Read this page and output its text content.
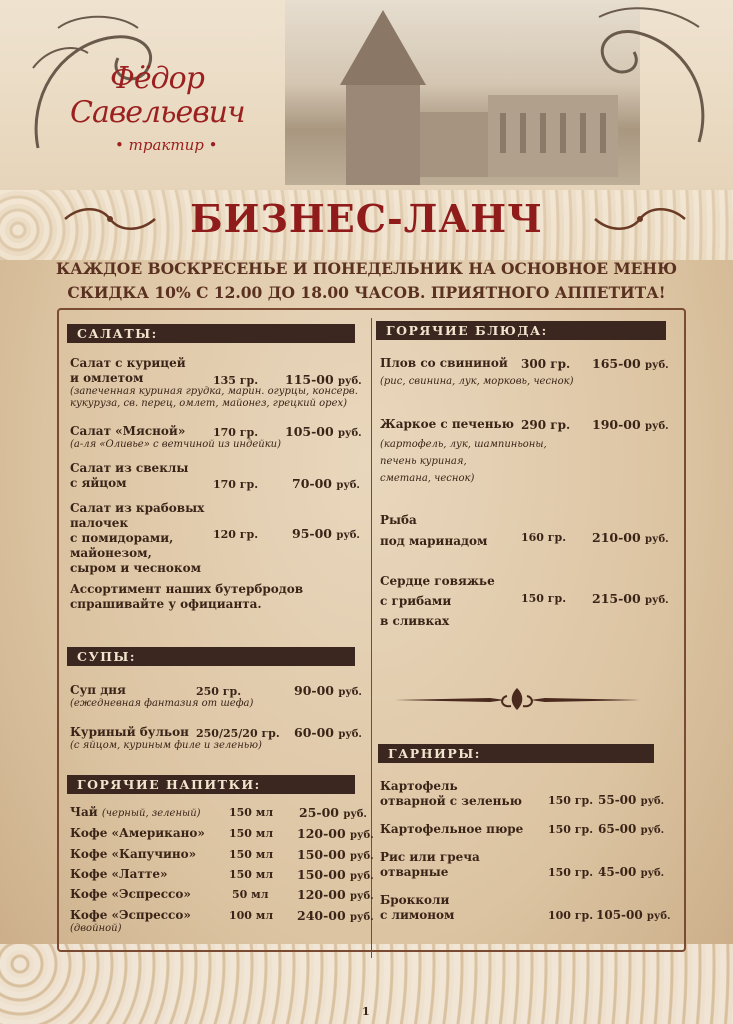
Фёдор
Савельевич
• трактир •
БИЗНЕС-ЛАНЧ
КАЖДОЕ ВОСКРЕСЕНЬЕ И ПОНЕДЕЛЬНИК НА ОСНОВНОЕ МЕНЮ
СКИДКА 10% С 12.00 ДО 18.00 ЧАСОВ. ПРИЯТНОГО АППЕТИТА!
САЛАТЫ:
Салат с курицей
и омлетом
(запеченная куриная грудка, марин. огурцы, консерв.
кукуруза, св. перец, омлет, майонез, грецкий орех)
135 гр. 115-00 руб.
Салат «Мясной»
(а-ля «Оливье» с ветчиной из индейки)
170 гр. 105-00 руб.
Салат из свеклы
с яйцом	170 гр.	70-00 руб.
Салат из крабовых
палочек
с помидорами,
майонезом,
сыром и чесноком
120 гр.	95-00 руб.
Ассортимент наших бутербродов
спрашивайте у официанта.
СУПЫ:
Суп дня
(ежедневная фантазия от шефа)
250 гр.	90-00 руб.
Куриный бульон
(с яйцом, куриным филе и зеленью)
250/25/20 гр. 60-00 руб.
ГОРЯЧИЕ НАПИТКИ:
Чай (черный, зеленый)	150 мл 25-00 руб.
Кофе «Американо» 150 мл 120-00 руб.
Кофе «Капучино»	150 мл 150-00 руб.
Кофе «Латте»	150 мл 150-00 руб.
Кофе «Эспрессо»	50 мл 120-00 руб.
Кофе «Эспрессо»
(двойной)
100 мл 240-00 руб.
ГОРЯЧИЕ БЛЮДА:
Плов со свининой
(рис, свинина, лук, морковь, чеснок)
300 гр. 165-00 руб.
Жаркое с печенью
(картофель, лук, шампиньоны,
печень куриная,
сметана, чеснок)
290 гр. 190-00 руб.
Рыба
под маринадом	160 гр. 210-00 руб.
Сердце говяжье
с грибами
в сливках
150 гр. 215-00 руб.
ГАРНИРЫ:
Картофель
отварной с зеленью 150 гр. 55-00 руб.
Картофельное пюре 150 гр. 65-00 руб.
Рис или греча
отварные	150 гр. 45-00 руб.
Брокколи
с лимоном	100 гр. 105-00 руб.
1
